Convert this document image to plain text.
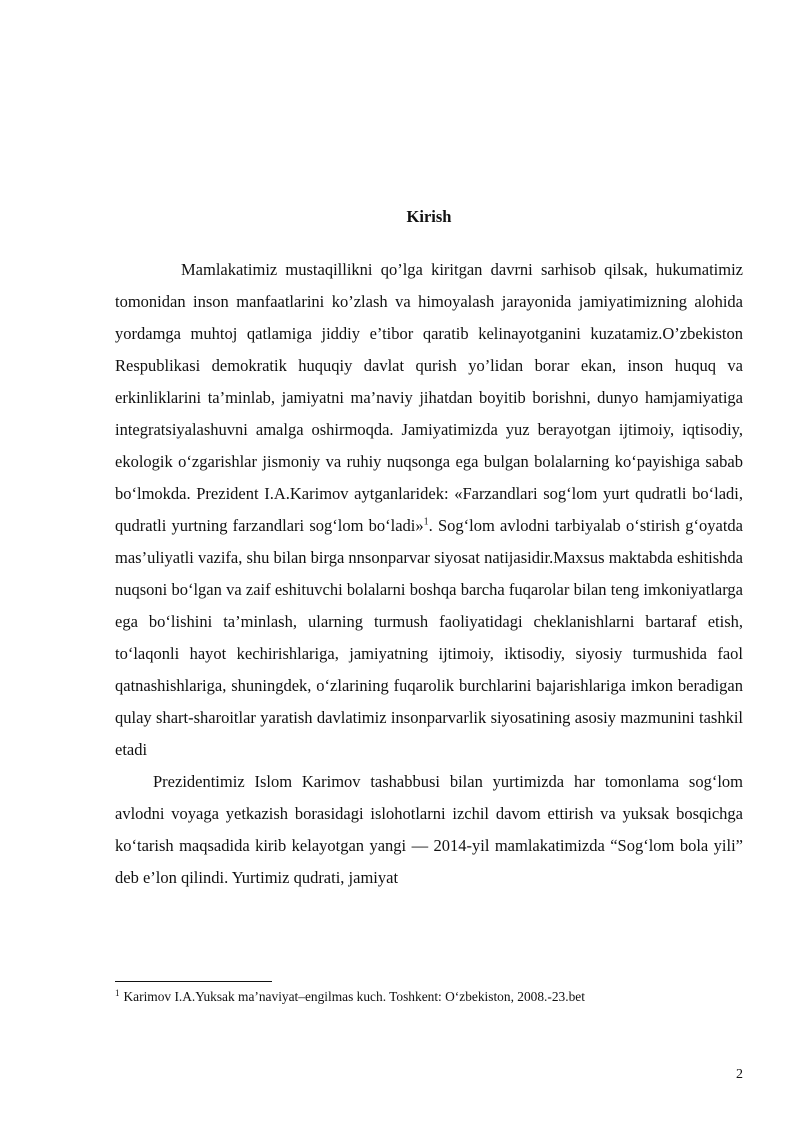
Kirish

Mamlakatimiz mustaqillikni qo’lga kiritgan davrni sarhisob qilsak, hukumatimiz tomonidan inson manfaatlarini ko’zlash va himoyalash jarayonida jamiyatimizning alohida yordamga muhtoj qatlamiga jiddiy e’tibor qaratib kelinayotganini kuzatamiz.O’zbekiston Respublikasi demokratik huquqiy davlat qurish yo’lidan borar ekan, inson huquq va erkinliklarini ta’minlab, jamiyatni ma’naviy jihatdan boyitib borishni, dunyo hamjamiyatiga integratsiyalashuvni amalga oshirmoqda. Jamiyatimizda yuz berayotgan ijtimoiy, iqtisodiy, ekologik o‘zgarishlar jismoniy va ruhiy nuqsonga ega bulgan bolalarning ko‘payishiga sabab bo‘lmokda. Prezident I.A.Karimov aytganlaridek: «Farzandlari sog‘lom yurt qudratli bo‘ladi, qudratli yurtning farzandlari sog‘lom bo‘ladi»$^1$. Sog‘lom avlodni tarbiyalab o‘stirish g‘oyatda mas’uliyatli vazifa, shu bilan birga nnsonparvar siyosat natijasidir.Maxsus maktabda eshitishda nuqsoni bo‘lgan va zaif eshituvchi bolalarni boshqa barcha fuqarolar bilan teng imkoniyatlarga ega bo‘lishini ta’minlash, ularning turmush faoliyatidagi cheklanishlarni bartaraf etish, to‘laqonli hayot kechirishlariga, jamiyatning ijtimoiy, iktisodiy, siyosiy turmushida faol qatnashishlariga, shuningdek, o‘zlarining fuqarolik burchlarini bajarishlariga imkon beradigan qulay shart-sharoitlar yaratish davlatimiz insonparvarlik siyosatining asosiy mazmunini tashkil etadi

Prezidentimiz Islom Karimov tashabbusi bilan yurtimizda har tomonlama sog‘lom avlodni voyaga yetkazish borasidagi islohotlarni izchil davom ettirish va yuksak bosqichga ko‘tarish maqsadida kirib kelayotgan yangi — 2014-yil mamlakatimizda “Sog‘lom bola yili” deb e’lon qilindi. Yurtimiz qudrati, jamiyat

$^1$ Karimov I.A.Yuksak ma’naviyat–engilmas kuch. Toshkent: O‘zbekiston, 2008.-23.bet
2
